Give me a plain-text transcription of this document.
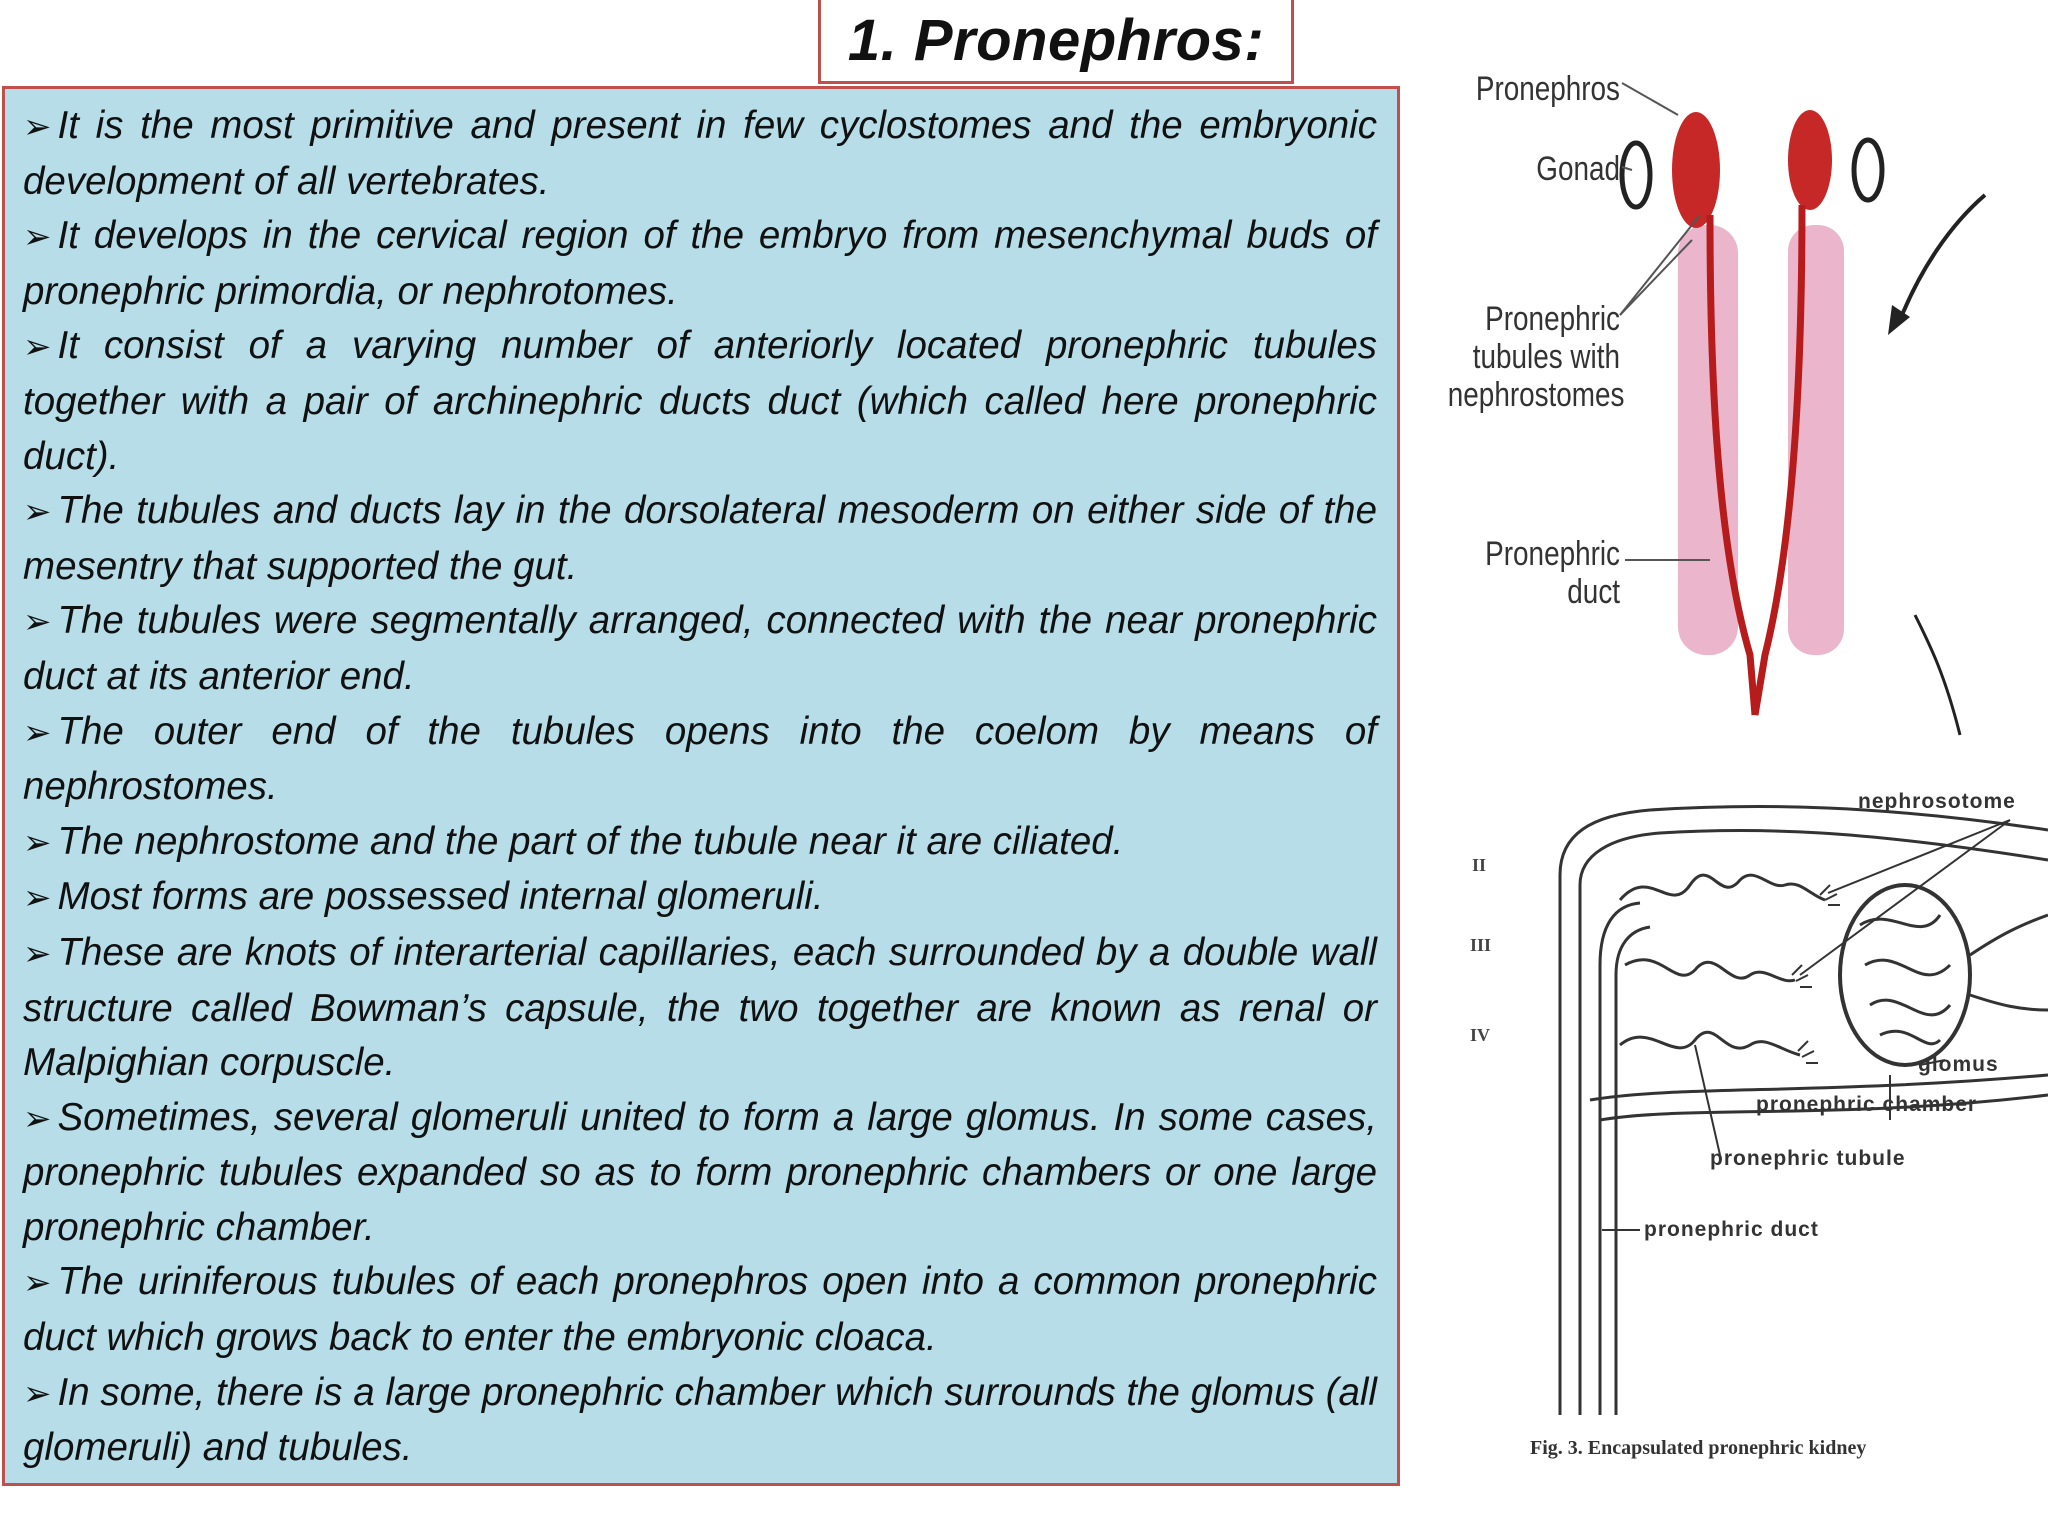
1. Pronephros:

➢ It is the most primitive and present in few cyclostomes and the embryonic development of all vertebrates.

➢ It develops in the cervical region of the embryo from mesenchymal buds of pronephric primordia, or nephrotomes.

➢ It consist of a varying number of anteriorly located pronephric tubules together with a pair of archinephric ducts duct (which called here pronephric duct).

➢ The tubules and ducts lay in the dorsolateral mesoderm on either side of the mesentry that supported the gut.

➢ The tubules were segmentally arranged, connected with the near pronephric duct at its anterior end.

➢ The outer end of the tubules opens into the coelom by means of nephrostomes.

➢ The nephrostome and the part of the tubule near it are ciliated.

➢ Most forms are possessed internal glomeruli.

➢ These are knots of interarterial capillaries, each surrounded by a double wall structure called Bowman’s capsule, the two together are known as renal or Malpighian corpuscle.

➢ Sometimes, several glomeruli united to form a large glomus. In some cases, pronephric tubules expanded so as to form pronephric chambers or one large pronephric chamber.

➢ The uriniferous tubules of each pronephros open into a common pronephric duct which grows back to enter the embryonic cloaca.

➢ In some, there is a large pronephric chamber which surrounds the glomus (all glomeruli) and tubules.

Pronephros
Gonad
Pronephric
tubules with
nephrostomes
Pronephric
duct
nephrosotome
glomus
pronephric chamber
pronephric tubule
pronephric duct
II
III
IV
Fig. 3. Encapsulated pronephric kidney
